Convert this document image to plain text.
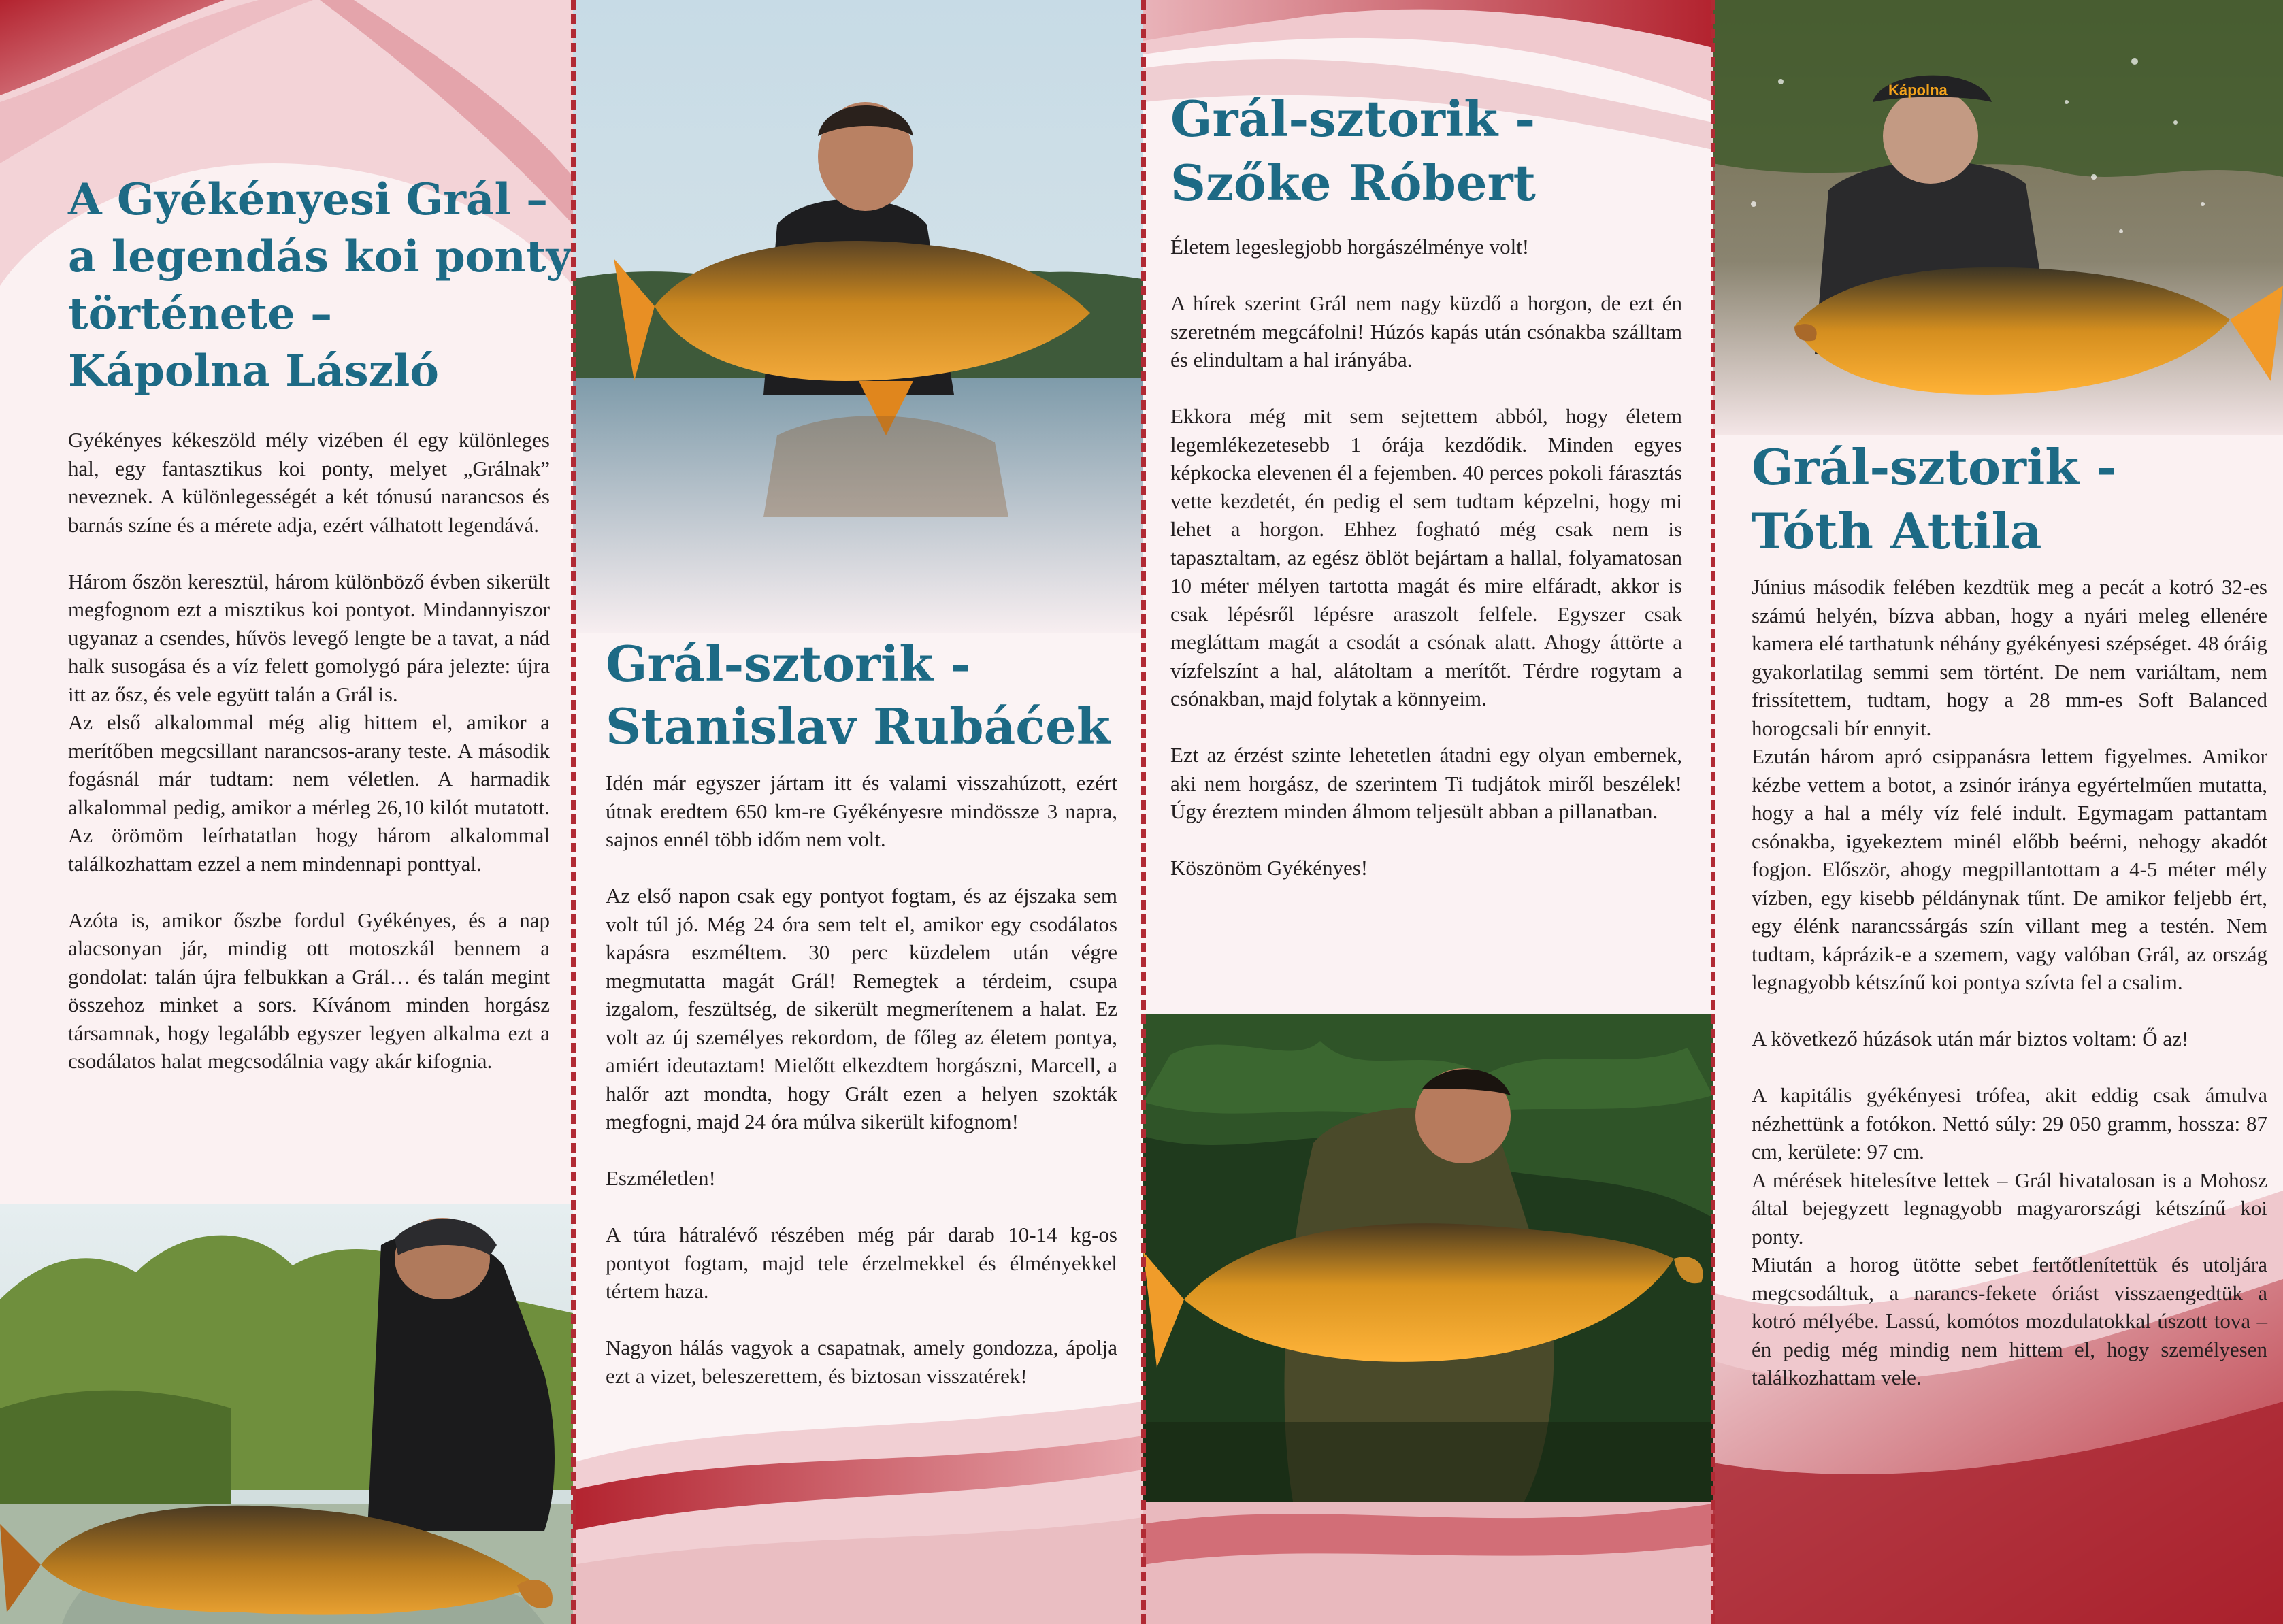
A Gyékényesi Grál –
a legendás koi ponty
története –
Kápolna László

Gyékényes kékeszöld mély vizében él egy különleges hal, egy fantasztikus koi ponty, melyet „Grálnak” neveznek. A különlegességét a két tónusú narancsos és barnás színe és a mérete adja, ezért válhatott legendává.

Három őszön keresztül, három különböző évben sikerült megfognom ezt a misztikus koi pontyot. Mindannyiszor ugyanaz a csendes, hűvös levegő lengte be a tavat, a nád halk susogása és a víz felett gomolygó pára jelezte: újra itt az ősz, és vele együtt talán a Grál is.

Az első alkalommal még alig hittem el, amikor a merítőben megcsillant narancsos-arany teste. A második fogásnál már tudtam: nem véletlen. A harmadik alkalommal pedig, amikor a mérleg 26,10 kilót mutatott. Az örömöm leírhatatlan hogy három alkalommal találkozhattam ezzel a nem mindennapi ponttyal.

Azóta is, amikor őszbe fordul Gyékényes, és a nap alacsonyan jár, mindig ott motoszkál bennem a gondolat: talán újra felbukkan a Grál… és talán megint összehoz minket a sors. Kívánom minden horgász társamnak, hogy legalább egyszer legyen alkalma ezt a csodálatos halat megcsodálnia vagy akár kifognia.

Grál-sztorik -
Stanislav Rubáćek

Idén már egyszer jártam itt és valami visszahúzott, ezért útnak eredtem 650 km-re Gyékényesre mindössze 3 napra, sajnos ennél több időm nem volt.

Az első napon csak egy pontyot fogtam, és az éjszaka sem volt túl jó. Még 24 óra sem telt el, amikor egy csodálatos kapásra eszméltem. 30 perc küzdelem után végre megmutatta magát Grál! Remegtek a térdeim, csupa izgalom, feszültség, de sikerült megmerítenem a halat. Ez volt az új személyes rekordom, de főleg az életem pontya, amiért ideutaztam! Mielőtt elkezdtem horgászni, Marcell, a halőr azt mondta, hogy Grált ezen a helyen szokták megfogni, majd 24 óra múlva sikerült kifognom!

Eszméletlen!

A túra hátralévő részében még pár darab 10-14 kg-os pontyot fogtam, majd tele érzelmekkel és élményekkel tértem haza.

Nagyon hálás vagyok a csapatnak, amely gondozza, ápolja ezt a vizet, beleszerettem, és biztosan visszatérek!

Grál-sztorik -
Szőke Róbert

Életem legeslegjobb horgászélménye volt!

A hírek szerint Grál nem nagy küzdő a horgon, de ezt én szeretném megcáfolni! Húzós kapás után csónakba szálltam és elindultam a hal irányába.

Ekkora még mit sem sejtettem abból, hogy életem legemlékezetesebb 1 órája kezdődik. Minden egyes képkocka elevenen él a fejemben. 40 perces pokoli fárasztás vette kezdetét, én pedig el sem tudtam képzelni, hogy mi lehet a horgon. Ehhez fogható még csak nem is tapasztaltam, az egész öblöt bejártam a hallal, folyamatosan 10 méter mélyen tartotta magát és mire elfáradt, akkor is csak lépésről lépésre araszolt felfele. Egyszer csak megláttam magát a csodát a csónak alatt. Ahogy áttörte a vízfelszínt a hal, alátoltam a merítőt. Térdre rogytam a csónakban, majd folytak a könnyeim.

Ezt az érzést szinte lehetetlen átadni egy olyan embernek, aki nem horgász, de szerintem Ti tudjátok miről beszélek! Úgy éreztem minden álmom teljesült abban a pillanatban.

Köszönöm Gyékényes!

Kápolna
Grál-sztorik -
Tóth Attila

Június második felében kezdtük meg a pecát a kotró 32-es számú helyén, bízva abban, hogy a nyári meleg ellenére kamera elé tarthatunk néhány gyékényesi szépséget. 48 óráig gyakorlatilag semmi sem történt. De nem variáltam, nem frissítettem, tudtam, hogy a 28 mm-es Soft Balanced horogcsali bír ennyit.

Ezután három apró csippanásra lettem figyelmes. Amikor kézbe vettem a botot, a zsinór iránya egyértelműen mutatta, hogy a hal a mély víz felé indult. Egymagam pattantam csónakba, igyekeztem minél előbb beérni, nehogy akadót fogjon. Először, ahogy megpillantottam a 4-5 méter mély vízben, egy kisebb példánynak tűnt. De amikor feljebb ért, egy élénk narancssárgás szín villant meg a testén. Nem tudtam, káprázik-e a szemem, vagy valóban Grál, az ország legnagyobb kétszínű koi pontya szívta fel a csalim.

A következő húzások után már biztos voltam: Ő az!

A kapitális gyékényesi trófea, akit eddig csak ámulva nézhettünk a fotókon. Nettó súly: 29 050 gramm, hossza: 87 cm, kerülete: 97 cm.

A mérések hitelesítve lettek – Grál hivatalosan is a Mohosz által bejegyzett legnagyobb magyarországi kétszínű koi ponty.

Miután a horog ütötte sebet fertőtlenítettük és utoljára megcsodáltuk, a narancs-fekete óriást visszaengedtük a kotró mélyébe. Lassú, komótos mozdulatokkal úszott tova – én pedig még mindig nem hittem el, hogy személyesen találkozhattam vele.
